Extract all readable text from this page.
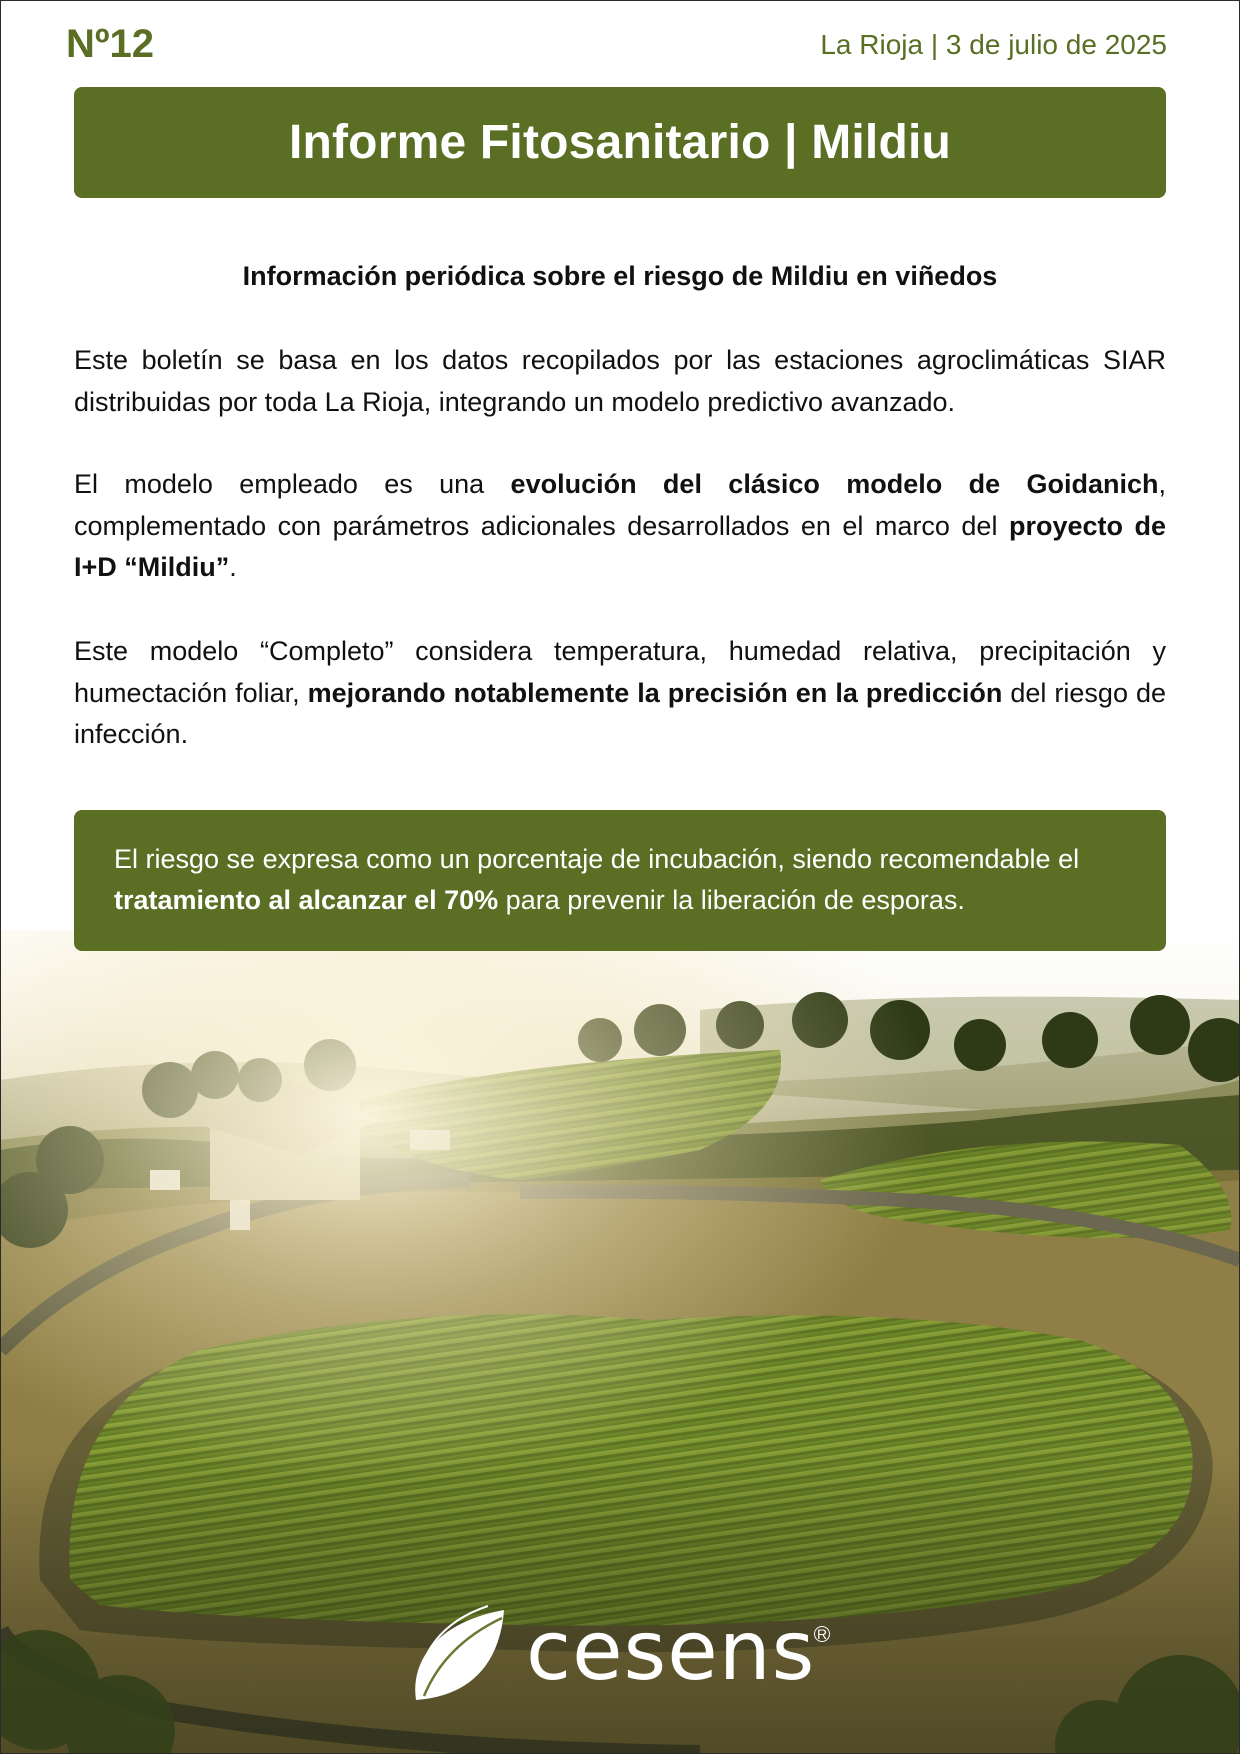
Nº12	La Rioja | 3 de julio de 2025
Informe Fitosanitario | Mildiu
Información periódica sobre el riesgo de Mildiu en viñedos

Este boletín se basa en los datos recopilados por las estaciones agroclimáticas SIAR distribuidas por toda La Rioja, integrando un modelo predictivo avanzado.

El modelo empleado es una evolución del clásico modelo de Goidanich, complementado con parámetros adicionales desarrollados en el marco del proyecto de I+D “Mildiu”.

Este modelo “Completo” considera temperatura, humedad relativa, precipitación y humectación foliar, mejorando notablemente la precisión en la predicción del riesgo de infección.

El riesgo se expresa como un porcentaje de incubación, siendo recomendable el tratamiento al alcanzar el 70% para prevenir la liberación de esporas.

cesens R
